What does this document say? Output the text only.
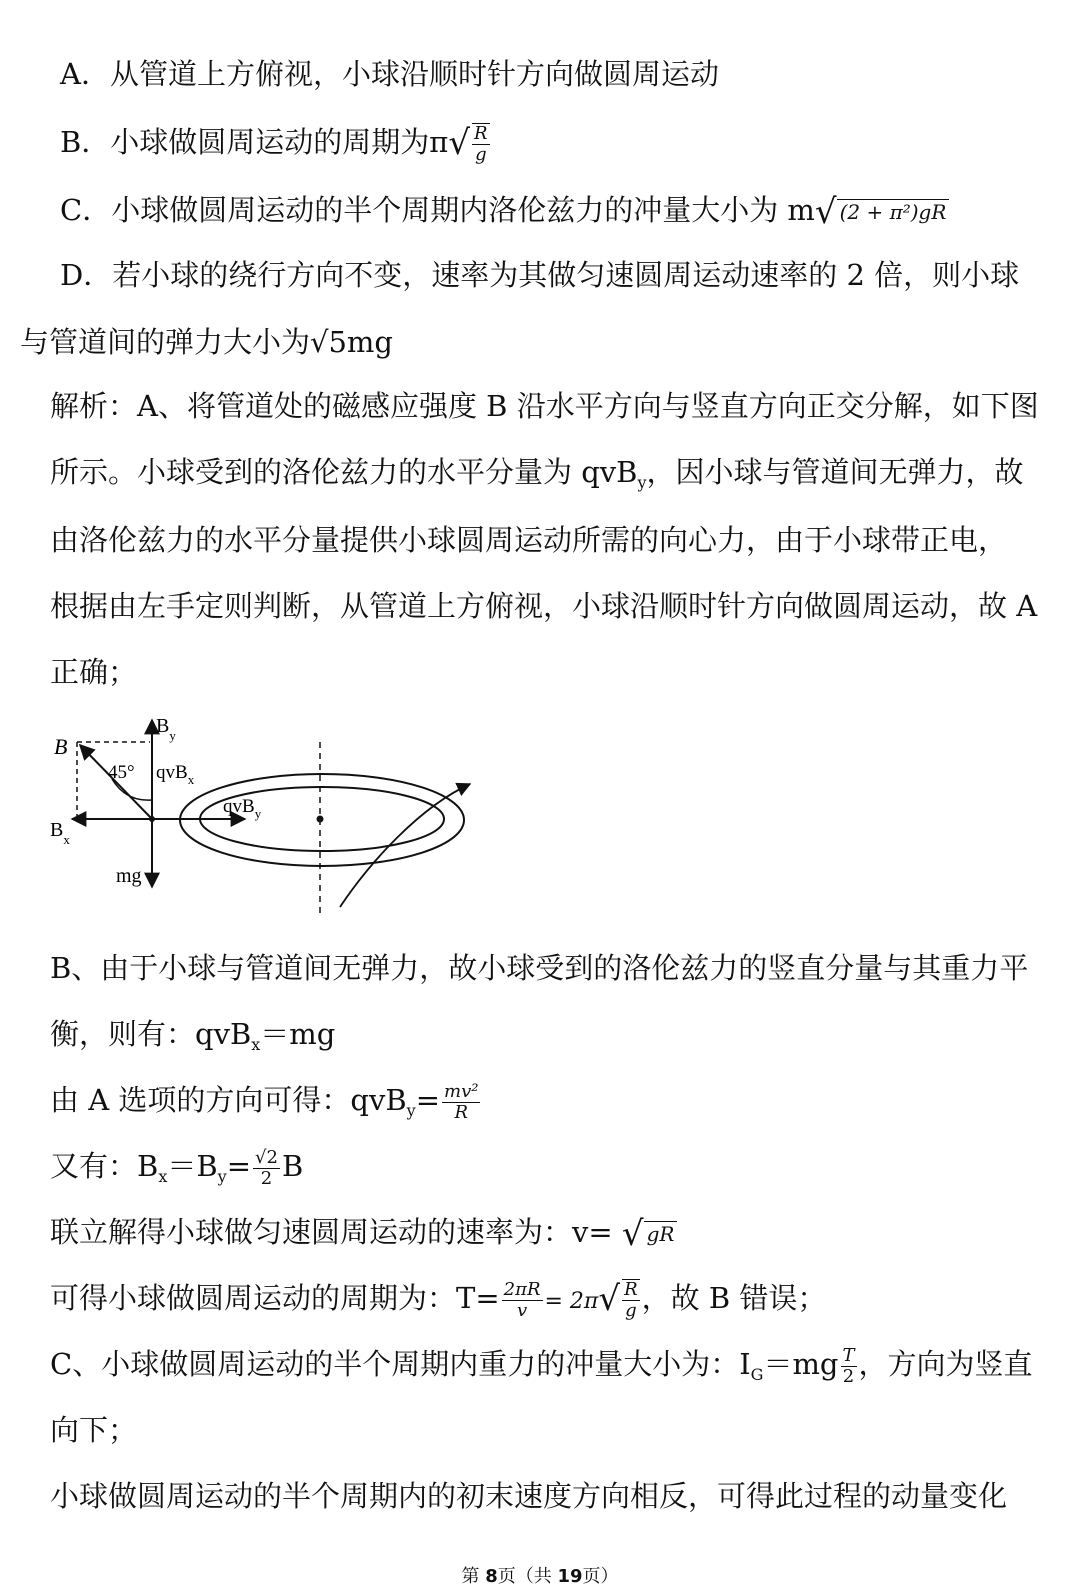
A．从管道上方俯视，小球沿顺时针方向做圆周运动
B．小球做圆周运动的周期为$\pi√ \frac{R}{g}$
C．小球做圆周运动的半个周期内洛伦兹力的冲量大小为 m√ (2 + π²)gR
D．若小球的绕行方向不变，速率为其做匀速圆周运动速率的 2 倍，则小球
与管道间的弹力大小为√5mg
解析：A、将管道处的磁感应强度 B 沿水平方向与竖直方向正交分解，如下图
所示。小球受到的洛伦兹力的水平分量为 qvB$_y$，因小球与管道间无弹力，故
由洛伦兹力的水平分量提供小球圆周运动所需的向心力，由于小球带正电，
根据由左手定则判断，从管道上方俯视，小球沿顺时针方向做圆周运动，故 A
正确；
B
$B_y$
45° qvB$_x$
qvB$_y$
$B_x$
mg
B、由于小球与管道间无弹力，故小球受到的洛伦兹力的竖直分量与其重力平
衡，则有：qvB$_x$＝mg
由 A 选项的方向可得：$qvB_y= \frac{\text{mv²}}{R}$
又有：$B_x=B_y= \frac{√2}{2}$ B
联立解得小球做匀速圆周运动的速率为：v= √ gR
可得小球做圆周运动的周期为：$T= \frac{2\pi R}{v} = 2\pi√ \frac{R}{g}$ ，故 B 错误；
C、小球做圆周运动的半个周期内重力的冲量大小为：$I_G=mg \frac{T}{2}$ ，方向为竖直
向下；
小球做圆周运动的半个周期内的初末速度方向相反，可得此过程的动量变化
第 8页（共 19页）
